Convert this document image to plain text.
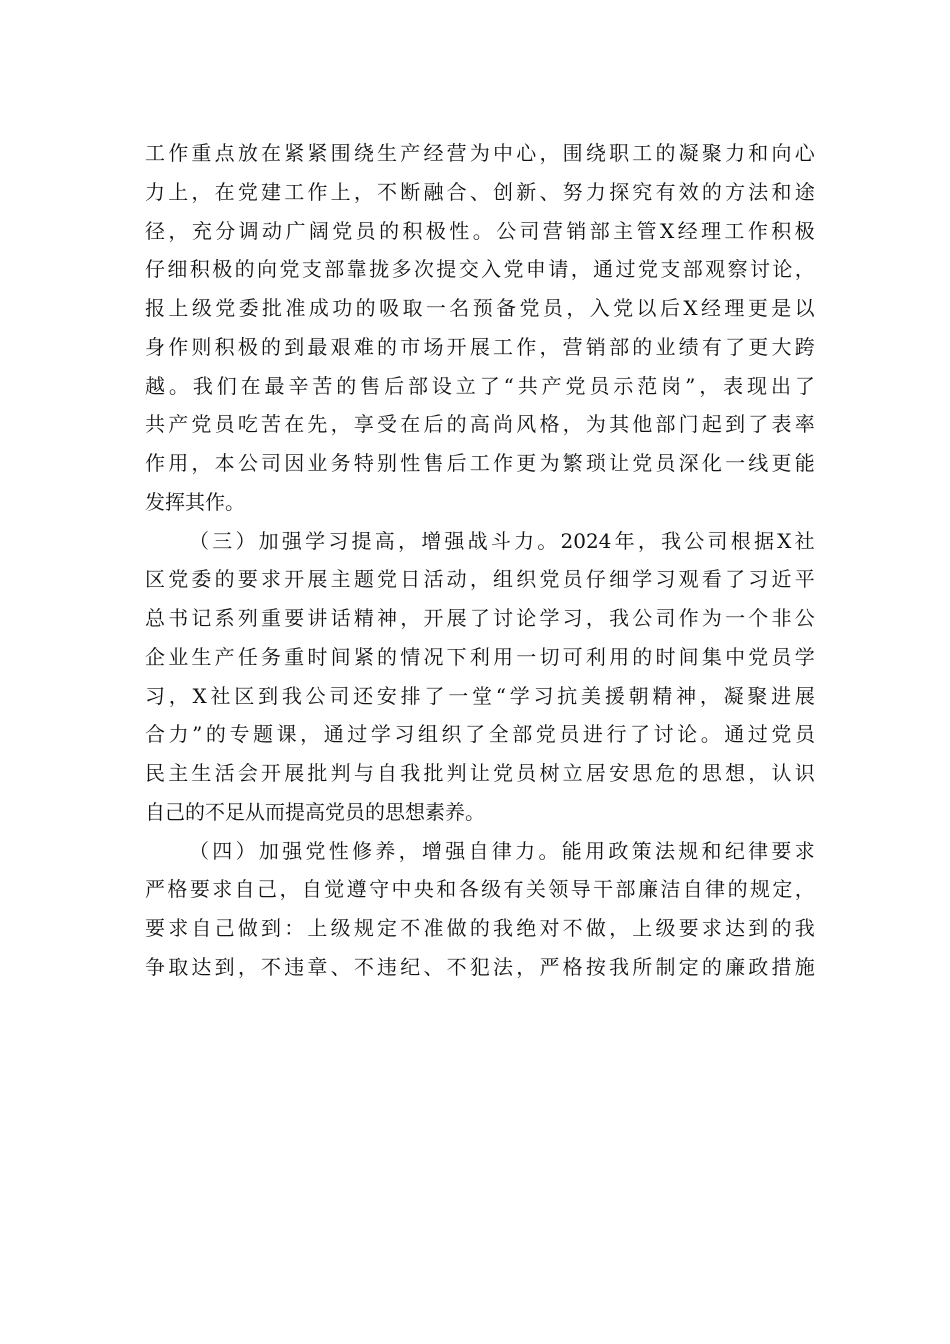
工 作 重 点 放 在 紧 紧 围 绕 生 产 经 营 为 中 心 ， 围 绕 职 工 的 凝 聚 力 和 向 心
力 上 ， 在 党 建 工 作 上 ， 不 断 融 合 、 创 新 、 努 力 探 究 有 效 的 方 法 和 途
径 ， 充 分 调 动 广 阔 党 员 的 积 极 性 。 公 司 营 销 部 主 管 X 经 理 工 作 积 极
仔 细 积 极 的 向 党 支 部 靠 拢 多 次 提 交 入 党 申 请 ， 通 过 党 支 部 观 察 讨 论 ，
报 上 级 党 委 批 准 成 功 的 吸 取 一 名 预 备 党 员 ， 入 党 以 后 X 经 理 更 是 以
身 作 则 积 极 的 到 最 艰 难 的 市 场 开 展 工 作 ， 营 销 部 的 业 绩 有 了 更 大 跨
越 。 我 们 在 最 辛 苦 的 售 后 部 设 立 了 “ 共 产 党 员 示 范 岗 ” ， 表 现 出 了
共 产 党 员 吃 苦 在 先 ， 享 受 在 后 的 高 尚 风 格 ， 为 其 他 部 门 起 到 了 表 率
作 用 ， 本 公 司 因 业 务 特 别 性 售 后 工 作 更 为 繁 琐 让 党 员 深 化 一 线 更 能
发挥其作。
（ 三 ） 加 强 学 习 提 高 ， 增 强 战 斗 力 。 2024 年 ， 我 公 司 根 据 X 社
区 党 委 的 要 求 开 展 主 题 党 日 活 动 ， 组 织 党 员 仔 细 学 习 观 看 了 习 近 平
总 书 记 系 列 重 要 讲 话 精 神 ， 开 展 了 讨 论 学 习 ， 我 公 司 作 为 一 个 非 公
企 业 生 产 任 务 重 时 间 紧 的 情 况 下 利 用 一 切 可 利 用 的 时 间 集 中 党 员 学
习 ， X 社 区 到 我 公 司 还 安 排 了 一 堂 “ 学 习 抗 美 援 朝 精 神 ， 凝 聚 进 展
合 力 ” 的 专 题 课 ， 通 过 学 习 组 织 了 全 部 党 员 进 行 了 讨 论 。 通 过 党 员
民 主 生 活 会 开 展 批 判 与 自 我 批 判 让 党 员 树 立 居 安 思 危 的 思 想 ， 认 识
自己的不足从而提高党员的思想素养。
（ 四 ） 加 强 党 性 修 养 ， 增 强 自 律 力 。 能 用 政 策 法 规 和 纪 律 要 求
严 格 要 求 自 己 ， 自 觉 遵 守 中 央 和 各 级 有 关 领 导 干 部 廉 洁 自 律 的 规 定 ，
要 求 自 己 做 到 ： 上 级 规 定 不 准 做 的 我 绝 对 不 做 ， 上 级 要 求 达 到 的 我
争 取 达 到 ， 不 违 章 、 不 违 纪 、 不 犯 法 ， 严 格 按 我 所 制 定 的 廉 政 措 施
